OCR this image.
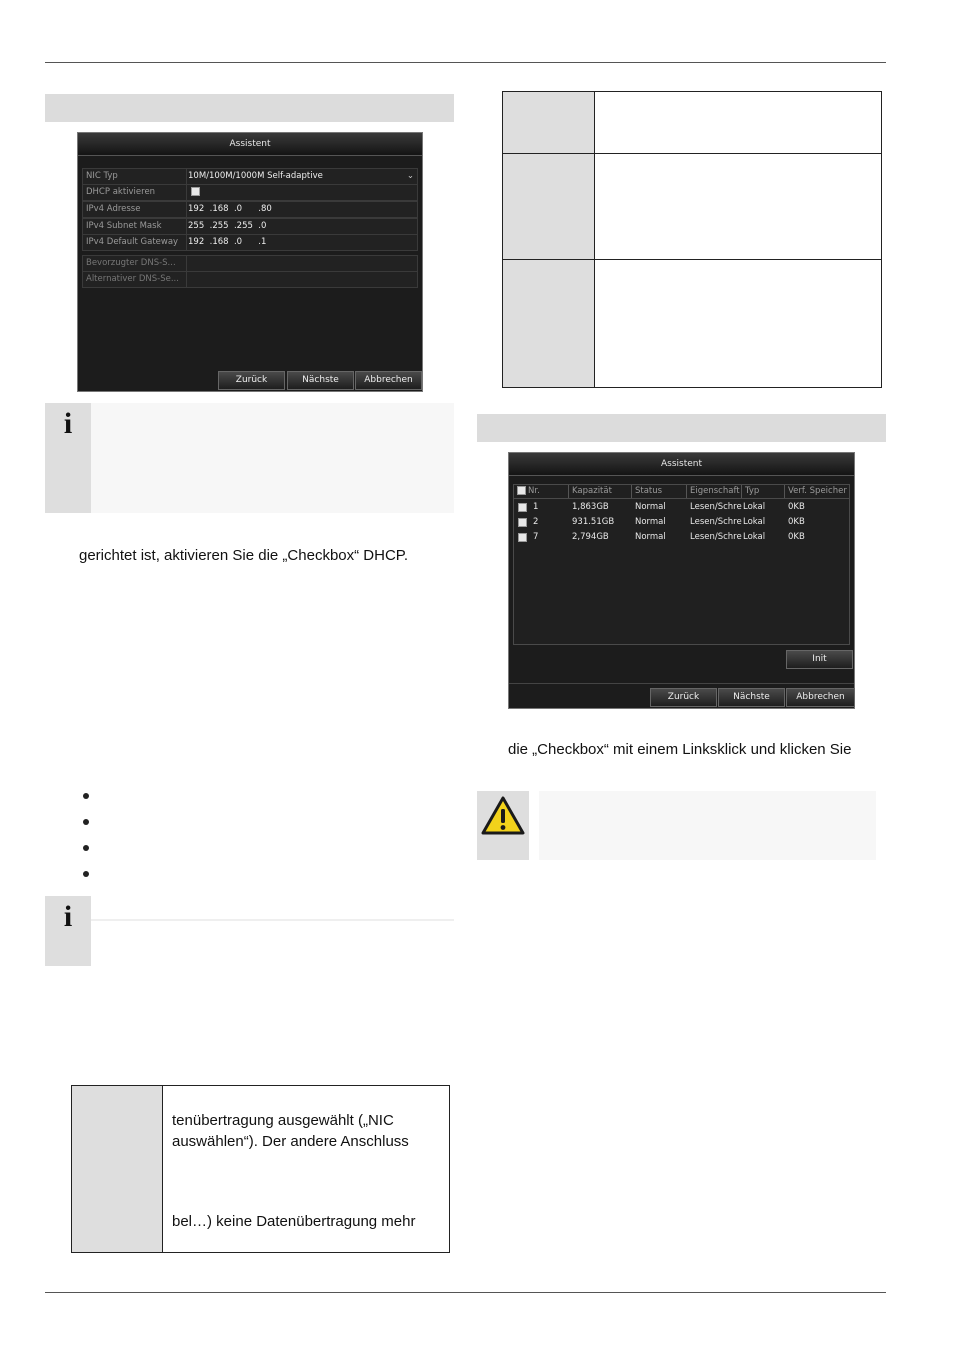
Assistent
NIC Typ	10M/100M/1000M Self-adaptive	⌄
DHCP aktivieren
IPv4 Adresse	192  .168  .0      .80
IPv4 Subnet Mask	255  .255  .255  .0
IPv4 Default Gateway	192  .168  .0      .1
Bevorzugter DNS-S...
Alternativer DNS-Se...
Zurück	Nächste	Abbrechen
i
gerichtet ist, aktivieren Sie die „Checkbox“ DHCP.
i
tenübertragung ausgewählt („NIC
auswählen“). Der andere Anschluss
bel…) keine Datenübertragung mehr
Assistent
Nr.	Kapazität	Status	Eigenschaft Typ	Verf. Speicher
1	1,863GB	Normal	Lesen/Schre Lokal	0KB
2	931.51GB Normal	Lesen/Schre Lokal	0KB
7	2,794GB	Normal	Lesen/Schre Lokal	0KB
Init
Zurück	Nächste	Abbrechen
die „Checkbox“ mit einem Linksklick und klicken Sie
